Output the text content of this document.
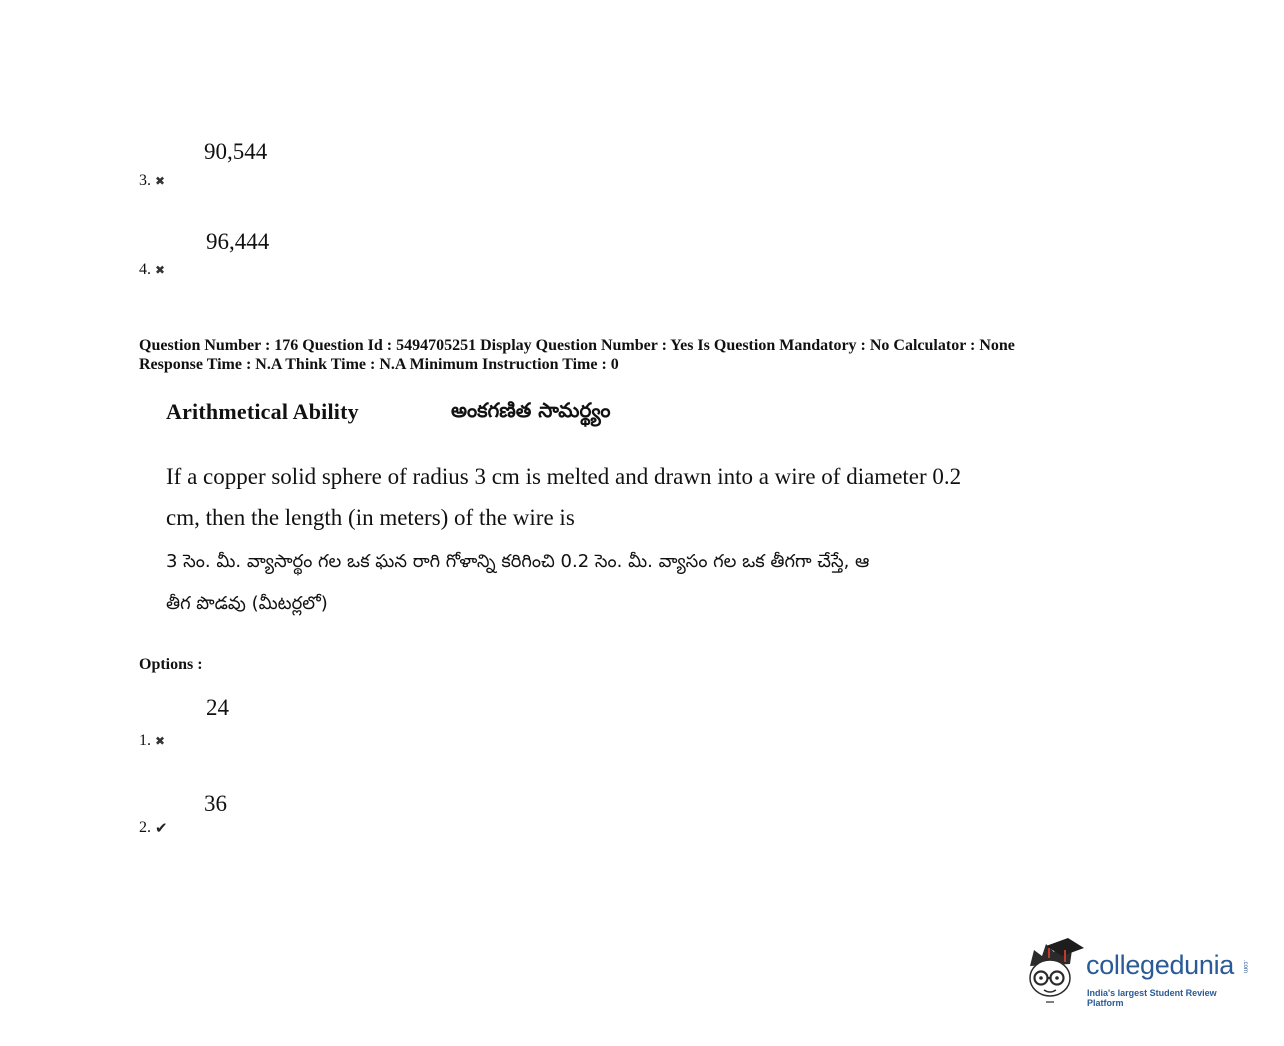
90,544
3. ✖
96,444
4. ✖
Question Number : 176 Question Id : 5494705251 Display Question Number : Yes Is Question Mandatory : No Calculator : None
Response Time : N.A Think Time : N.A Minimum Instruction Time : 0
Arithmetical Ability	అంకగణిత సామర్థ్యం
If a copper solid sphere of radius 3 cm is melted and drawn into a wire of diameter 0.2
cm, then the length (in meters) of the wire is
3 సెం. మీ. వ్యాసార్థం గల ఒక ఘన రాగి గోళాన్ని కరిగించి 0.2 సెం. మీ. వ్యాసం గల ఒక తీగగా చేస్తే, ఆ
తీగ పొడవు (మీటర్లలో)
Options :
24
1. ✖
36
2. ✔
collegedunia .com
India's largest Student Review Platform
